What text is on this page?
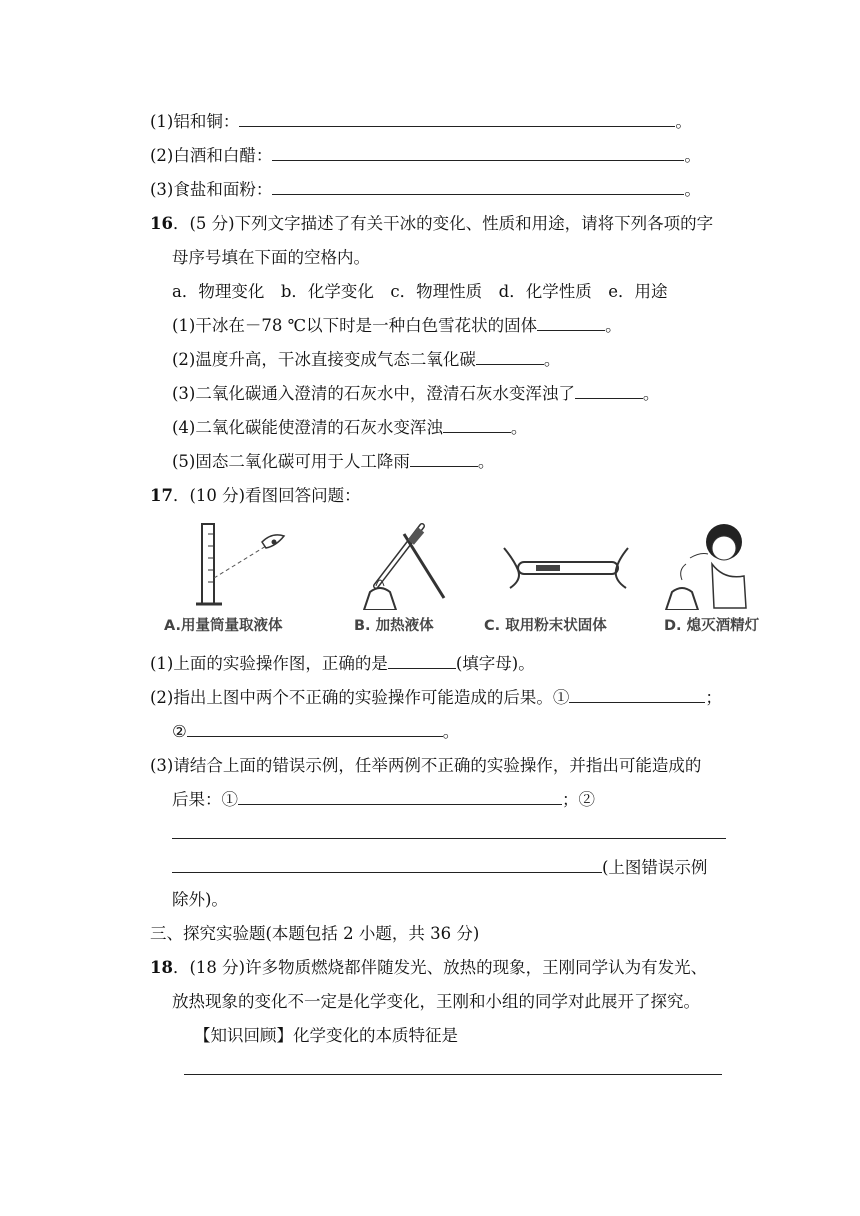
(1)铝和铜：	。
(2)白酒和白醋：	。
(3)食盐和面粉：	。
16．(5 分)下列文字描述了有关干冰的变化、性质和用途，请将下列各项的字
母序号填在下面的空格内。
a．物理变化　b．化学变化　c．物理性质　d．化学性质　e．用途
(1)干冰在－78 ℃以下时是一种白色雪花状的固体	。
(2)温度升高，干冰直接变成气态二氧化碳	。
(3)二氧化碳通入澄清的石灰水中，澄清石灰水变浑浊了	。
(4)二氧化碳能使澄清的石灰水变浑浊	。
(5)固态二氧化碳可用于人工降雨	。
17．(10 分)看图回答问题：
A.用量筒量取液体	B. 加热液体	C. 取用粉末状固体	D. 熄灭酒精灯
(1)上面的实验操作图，正确的是	(填字母)。
(2)指出上图中两个不正确的实验操作可能造成的后果。①	；
②	。
(3)请结合上面的错误示例，任举两例不正确的实验操作，并指出可能造成的
后果：①	；②
(上图错误示例
除外)。
三、探究实验题(本题包括 2 小题，共 36 分)
18．(18 分)许多物质燃烧都伴随发光、放热的现象，王刚同学认为有发光、
放热现象的变化不一定是化学变化，王刚和小组的同学对此展开了探究。
【知识回顾】化学变化的本质特征是
